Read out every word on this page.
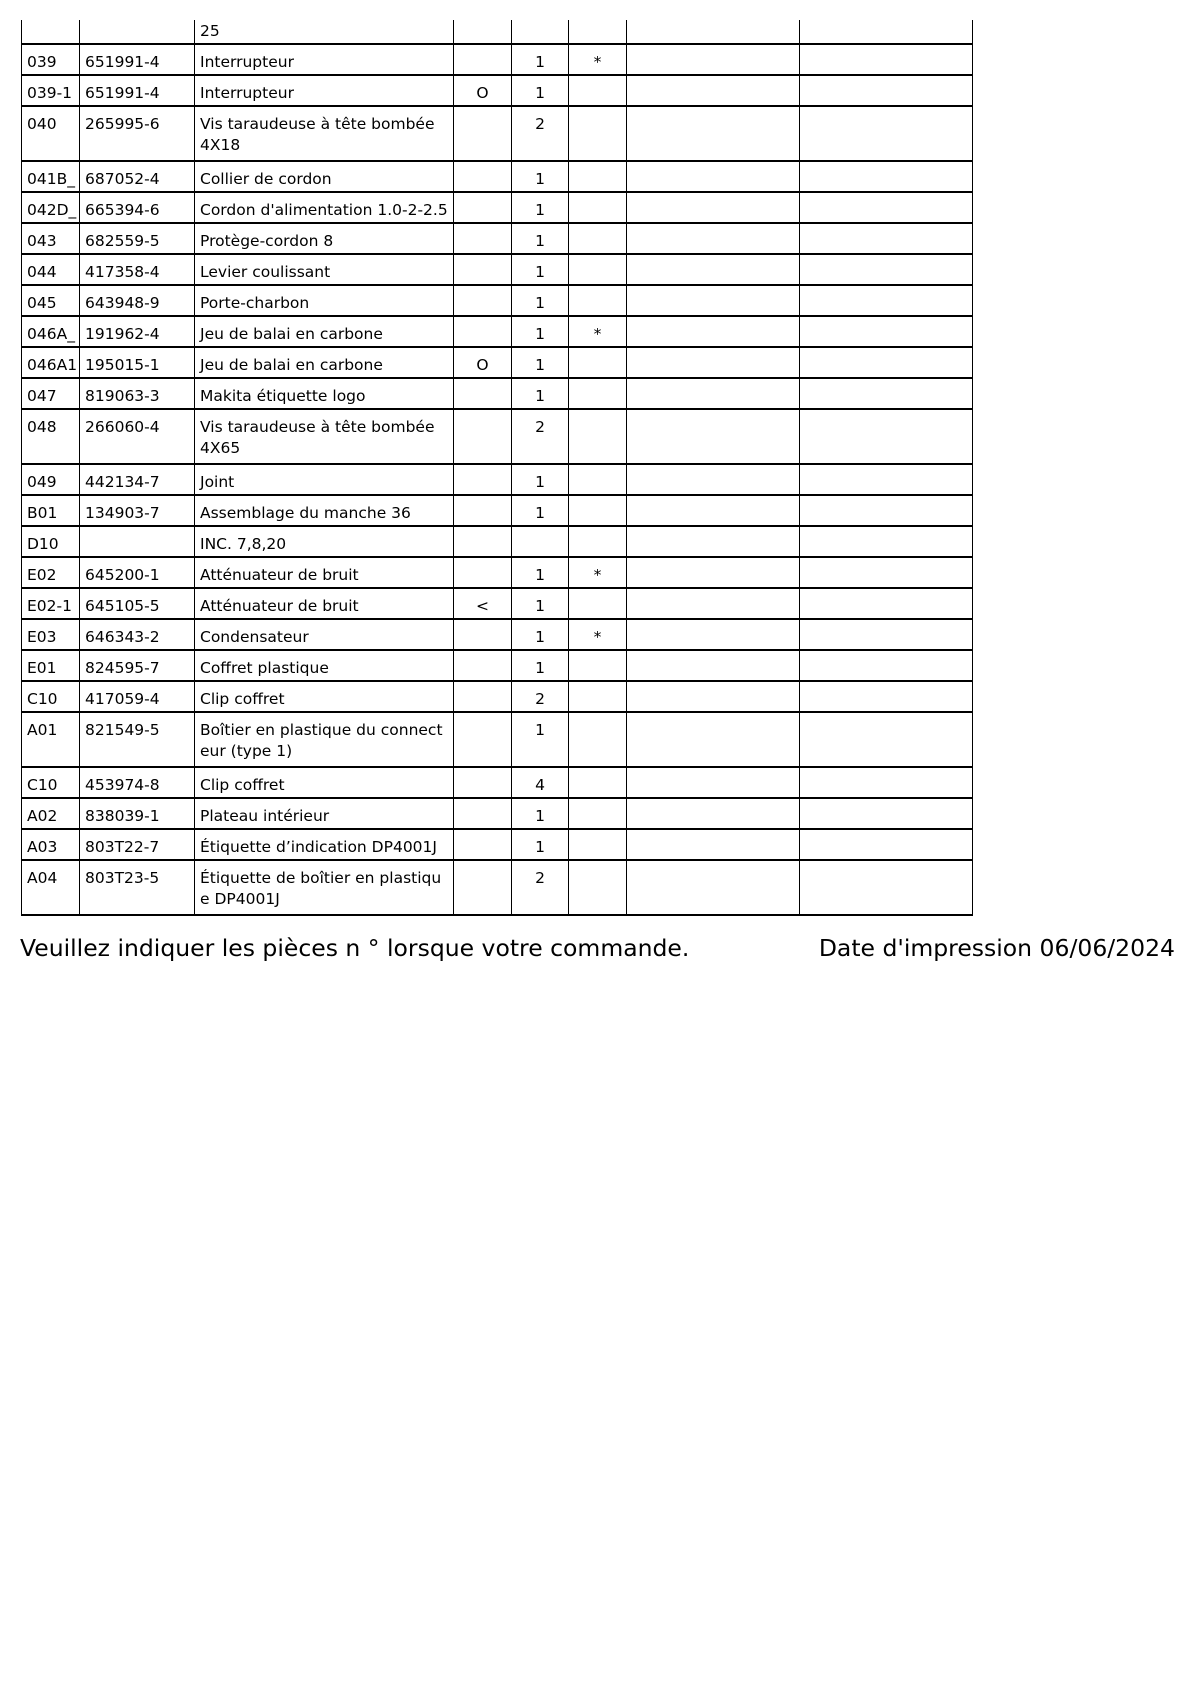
		25					
039	651991-4	Interrupteur		1	*		
039-1	651991-4	Interrupteur	O	1			
040	265995-6	Vis taraudeuse à tête bombée 4X18		2			
041B_	687052-4	Collier de cordon		1			
042D_	665394-6	Cordon d'alimentation 1.0-2-2.5		1			
043	682559-5	Protège-cordon 8		1			
044	417358-4	Levier coulissant		1			
045	643948-9	Porte-charbon		1			
046A_	191962-4	Jeu de balai en carbone		1	*		
046A1	195015-1	Jeu de balai en carbone	O	1			
047	819063-3	Makita étiquette logo		1			
048	266060-4	Vis taraudeuse à tête bombée 4X65		2			
049	442134-7	Joint		1			
B01	134903-7	Assemblage du manche 36		1			
D10		INC. 7,8,20					
E02	645200-1	Atténuateur de bruit		1	*		
E02-1	645105-5	Atténuateur de bruit	<	1			
E03	646343-2	Condensateur		1	*		
E01	824595-7	Coffret plastique		1			
C10	417059-4	Clip coffret		2			
A01	821549-5	Boîtier en plastique du connecteur (type 1)		1			
C10	453974-8	Clip coffret		4			
A02	838039-1	Plateau intérieur		1			
A03	803T22-7	Étiquette d’indication DP4001J		1			
A04	803T23-5	Étiquette de boîtier en plastique DP4001J		2			
Veuillez indiquer les pièces n ° lorsque votre commande.	Date d'impression 06/06/2024
